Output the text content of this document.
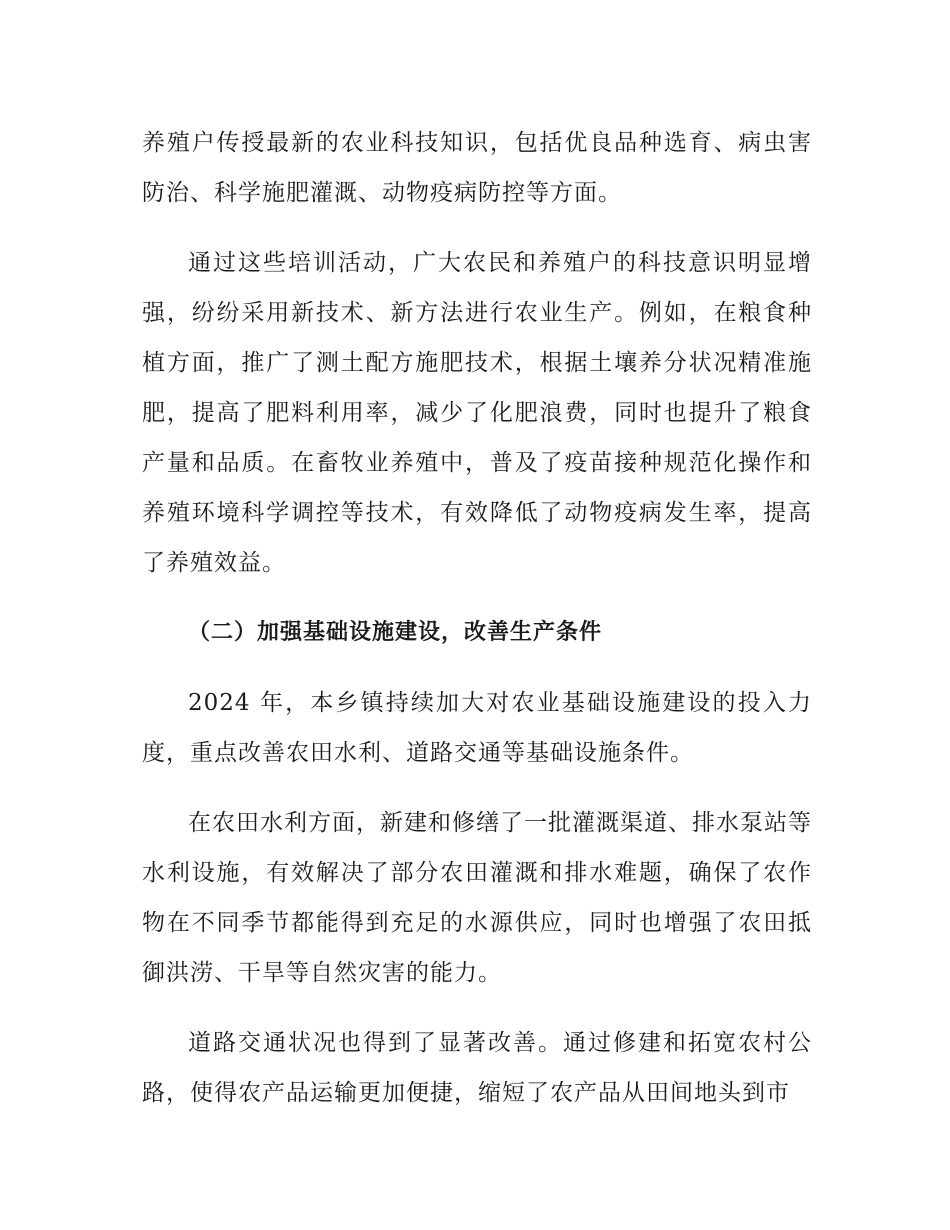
养殖户传授最新的农业科技知识，包括优良品种选育、病虫害防治、科学施肥灌溉、动物疫病防控等方面。

通过这些培训活动，广大农民和养殖户的科技意识明显增强，纷纷采用新技术、新方法进行农业生产。例如，在粮食种植方面，推广了测土配方施肥技术，根据土壤养分状况精准施肥，提高了肥料利用率，减少了化肥浪费，同时也提升了粮食产量和品质。在畜牧业养殖中，普及了疫苗接种规范化操作和养殖环境科学调控等技术，有效降低了动物疫病发生率，提高了养殖效益。

（二）加强基础设施建设，改善生产条件

2024 年，本乡镇持续加大对农业基础设施建设的投入力度，重点改善农田水利、道路交通等基础设施条件。

在农田水利方面，新建和修缮了一批灌溉渠道、排水泵站等水利设施，有效解决了部分农田灌溉和排水难题，确保了农作物在不同季节都能得到充足的水源供应，同时也增强了农田抵御洪涝、干旱等自然灾害的能力。

道路交通状况也得到了显著改善。通过修建和拓宽农村公路，使得农产品运输更加便捷，缩短了农产品从田间地头到市
